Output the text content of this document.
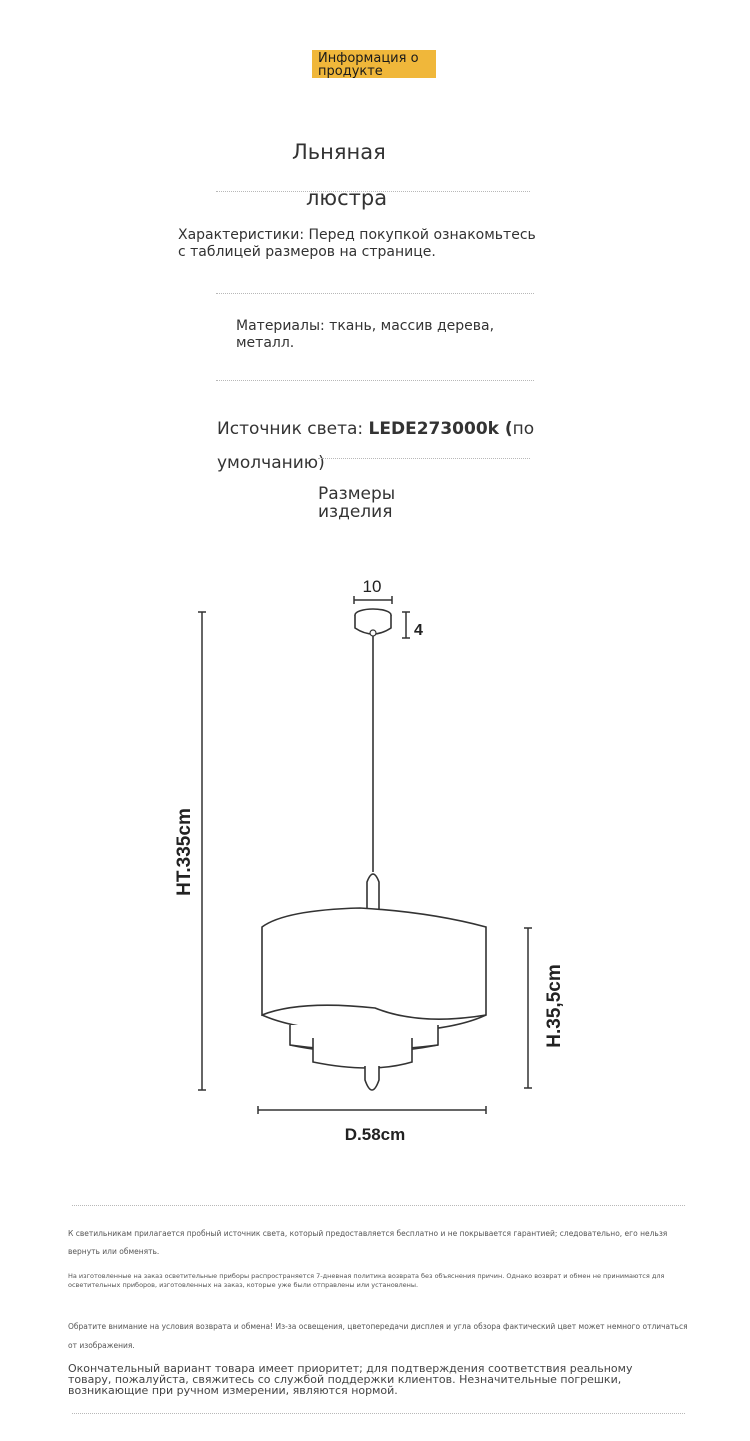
Информация о продукте
Льняная
люстра
Характеристики: Перед покупкой ознакомьтесь с таблицей размеров на странице.
Материалы: ткань, массив дерева, металл.
Источник света: LEDE273000k (по умолчанию)
Размеры изделия
10
4
HT.335cm
H.35,5cm
D.58cm
К светильникам прилагается пробный источник света, который предоставляется бесплатно и не покрывается гарантией; следовательно, его нельзя
вернуть или обменять.
На изготовленные на заказ осветительные приборы распространяется 7-дневная политика возврата без объяснения причин. Однако возврат и обмен не принимаются для осветительных приборов, изготовленных на заказ, которые уже были отправлены или установлены.
Обратите внимание на условия возврата и обмена! Из-за освещения, цветопередачи дисплея и угла обзора фактический цвет может немного отличаться
от изображения.
Окончательный вариант товара имеет приоритет; для подтверждения соответствия реальному товару, пожалуйста, свяжитесь со службой поддержки клиентов. Незначительные погрешки, возникающие при ручном измерении, являются нормой.
